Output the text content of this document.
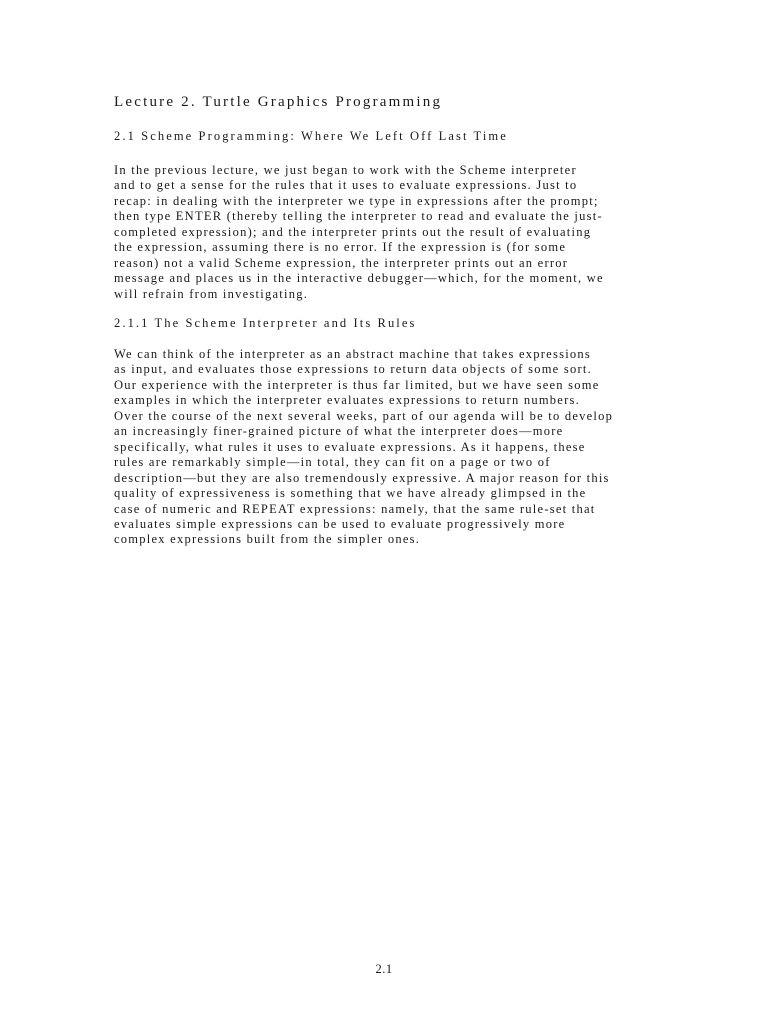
Lecture 2. Turtle Graphics Programming
2.1 Scheme Programming: Where We Left Off Last Time
In the previous lecture, we just began to work with the Scheme interpreter
and to get a sense for the rules that it uses to evaluate expressions. Just to
recap: in dealing with the interpreter we type in expressions after the prompt;
then type ENTER (thereby telling the interpreter to read and evaluate the just-
completed expression); and the interpreter prints out the result of evaluating
the expression, assuming there is no error. If the expression is (for some
reason) not a valid Scheme expression, the interpreter prints out an error
message and places us in the interactive debugger—which, for the moment, we
will refrain from investigating.
2.1.1 The Scheme Interpreter and Its Rules
We can think of the interpreter as an abstract machine that takes expressions
as input, and evaluates those expressions to return data objects of some sort.
Our experience with the interpreter is thus far limited, but we have seen some
examples in which the interpreter evaluates expressions to return numbers.
Over the course of the next several weeks, part of our agenda will be to develop
an increasingly finer-grained picture of what the interpreter does—more
specifically, what rules it uses to evaluate expressions. As it happens, these
rules are remarkably simple—in total, they can fit on a page or two of
description—but they are also tremendously expressive. A major reason for this
quality of expressiveness is something that we have already glimpsed in the
case of numeric and REPEAT expressions: namely, that the same rule-set that
evaluates simple expressions can be used to evaluate progressively more
complex expressions built from the simpler ones.
2.1
